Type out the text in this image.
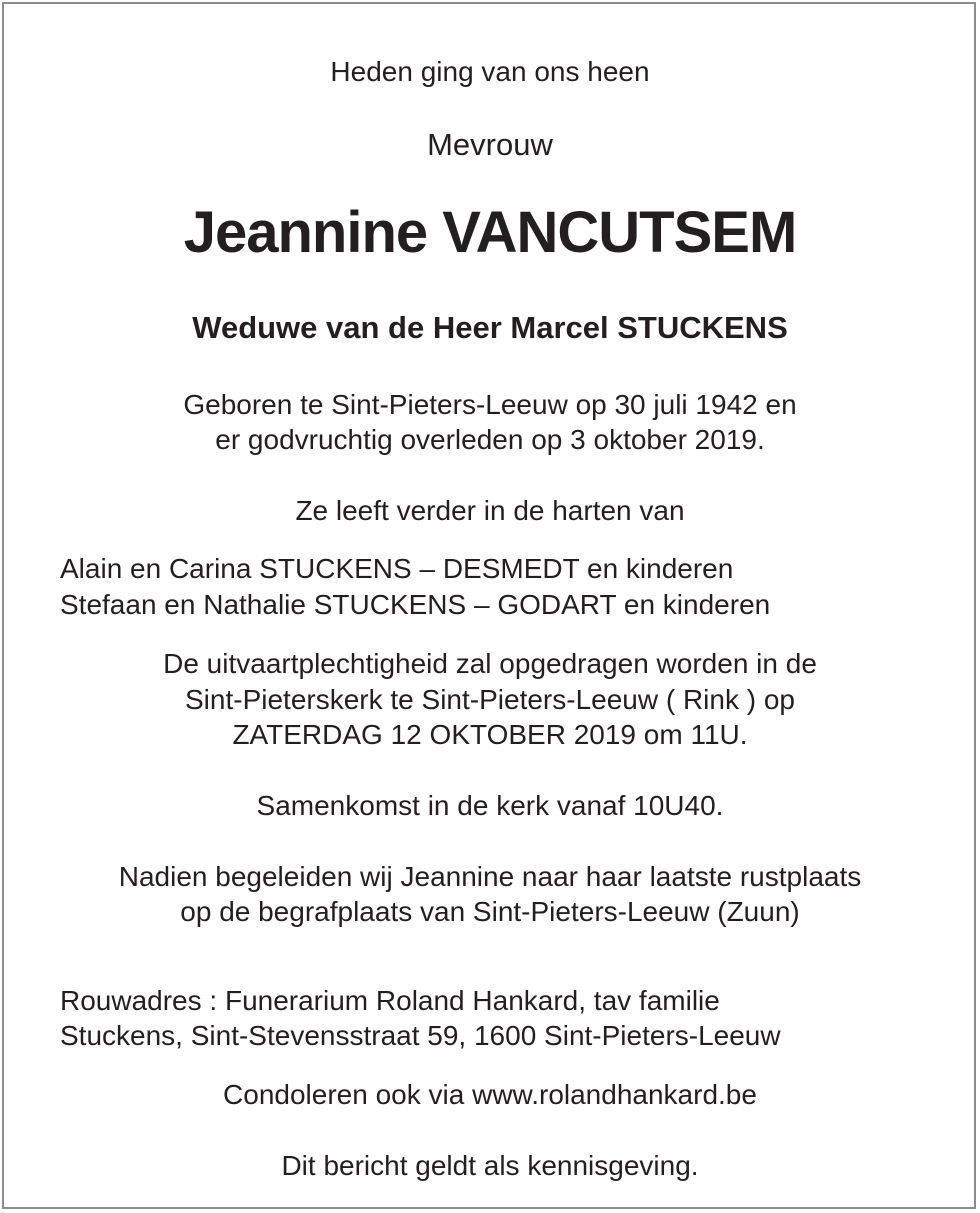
Heden ging van ons heen
Mevrouw
Jeannine VANCUTSEM
Weduwe van de Heer Marcel STUCKENS
Geboren te Sint-Pieters-Leeuw op 30 juli 1942 en
er godvruchtig overleden op 3 oktober 2019.
Ze leeft verder in de harten van
Alain en Carina STUCKENS – DESMEDT en kinderen
Stefaan en Nathalie STUCKENS – GODART en kinderen
De uitvaartplechtigheid zal opgedragen worden in de
Sint-Pieterskerk te Sint-Pieters-Leeuw ( Rink ) op
ZATERDAG 12 OKTOBER 2019 om 11U.
Samenkomst in de kerk vanaf 10U40.
Nadien begeleiden wij Jeannine naar haar laatste rustplaats
op de begrafplaats van Sint-Pieters-Leeuw (Zuun)
Rouwadres : Funerarium Roland Hankard, tav familie
Stuckens, Sint-Stevensstraat 59, 1600 Sint-Pieters-Leeuw
Condoleren ook via www.rolandhankard.be
Dit bericht geldt als kennisgeving.
